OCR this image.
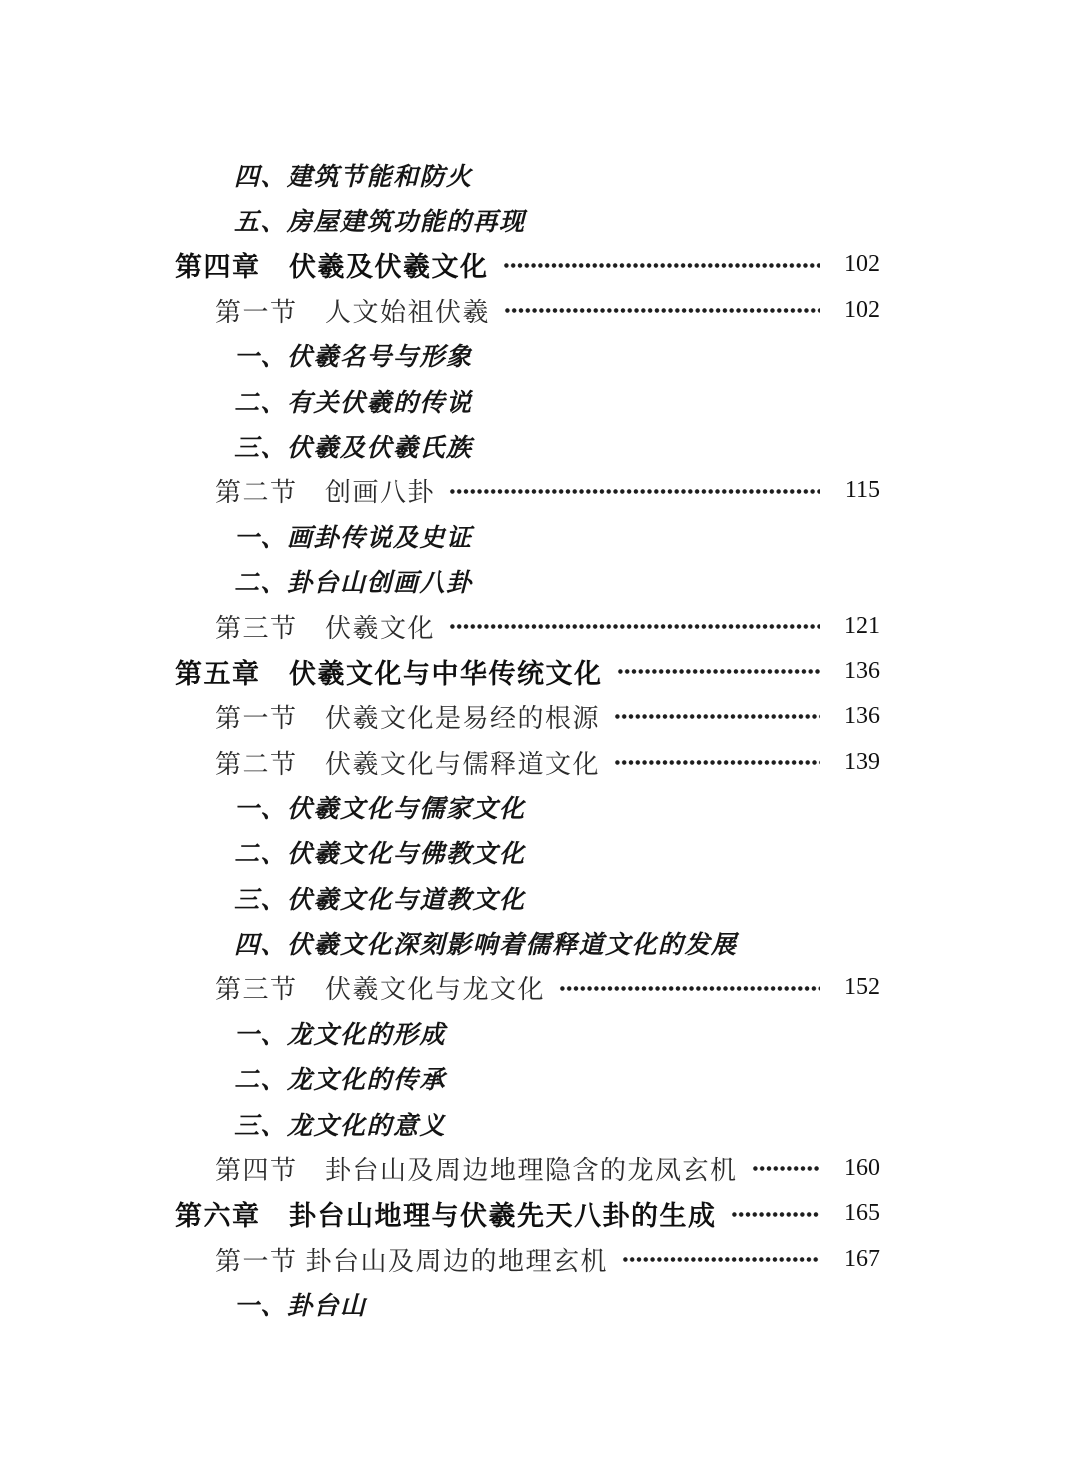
四、建筑节能和防火
五、房屋建筑功能的再现
第四章　伏羲及伏羲文化	102
第一节　人文始祖伏羲	102
一、伏羲名号与形象
二、有关伏羲的传说
三、伏羲及伏羲氏族
第二节　创画八卦	115
一、画卦传说及史证
二、卦台山创画八卦
第三节　伏羲文化	121
第五章　伏羲文化与中华传统文化	136
第一节　伏羲文化是易经的根源	136
第二节　伏羲文化与儒释道文化	139
一、伏羲文化与儒家文化
二、伏羲文化与佛教文化
三、伏羲文化与道教文化
四、伏羲文化深刻影响着儒释道文化的发展
第三节　伏羲文化与龙文化	152
一、龙文化的形成
二、龙文化的传承
三、龙文化的意义
第四节　卦台山及周边地理隐含的龙凤玄机	160
第六章　卦台山地理与伏羲先天八卦的生成	165
第一节 卦台山及周边的地理玄机	167
一、卦台山
